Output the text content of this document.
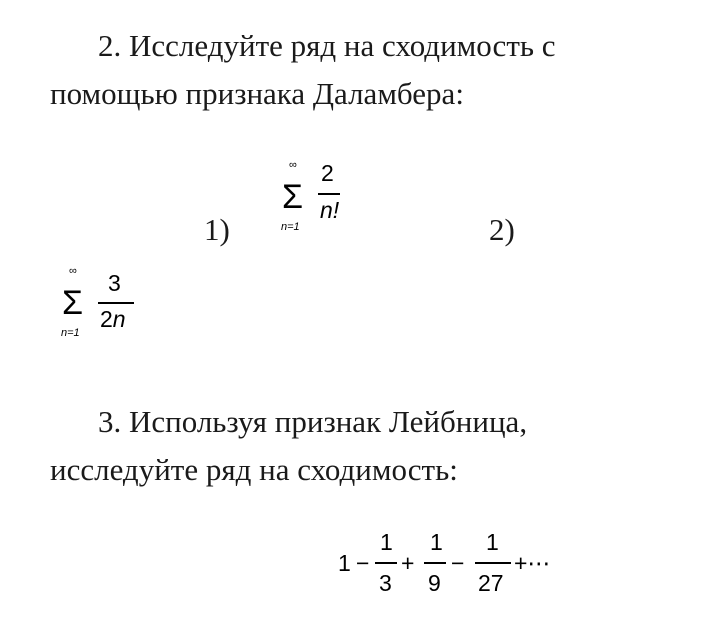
2. Исследуйте ряд на сходимость с
помощью признака Даламбера:
1)
∞
Σ
n=1
2
n!
2)
∞
Σ
n=1
3
2n
3. Используя признак Лейбница,
исследуйте ряд на сходимость:
1 −
1
3
+
1
9
−
1
27
+⋯
